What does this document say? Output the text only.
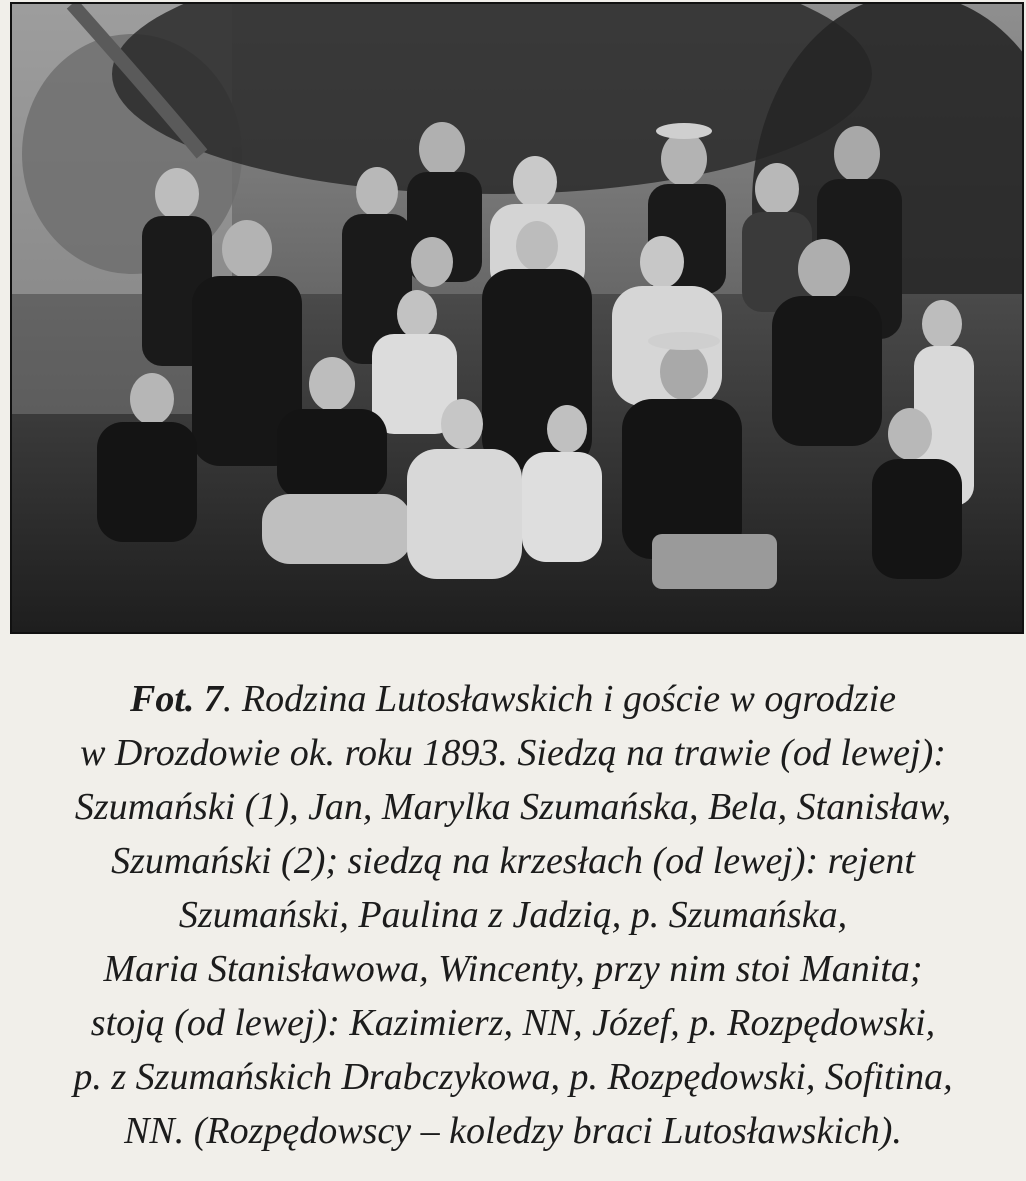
Fot. 7. Rodzina Lutosławskich i goście w ogrodzie
w Drozdowie ok. roku 1893. Siedzą na trawie (od lewej):
Szumański (1), Jan, Marylka Szumańska, Bela, Stanisław,
Szumański (2); siedzą na krzesłach (od lewej): rejent
Szumański, Paulina z Jadzią, p. Szumańska,
Maria Stanisławowa, Wincenty, przy nim stoi Manita;
stoją (od lewej): Kazimierz, NN, Józef, p. Rozpędowski,
p. z Szumańskich Drabczykowa, p. Rozpędowski, Sofitina,
NN. (Rozpędowscy – koledzy braci Lutosławskich).
